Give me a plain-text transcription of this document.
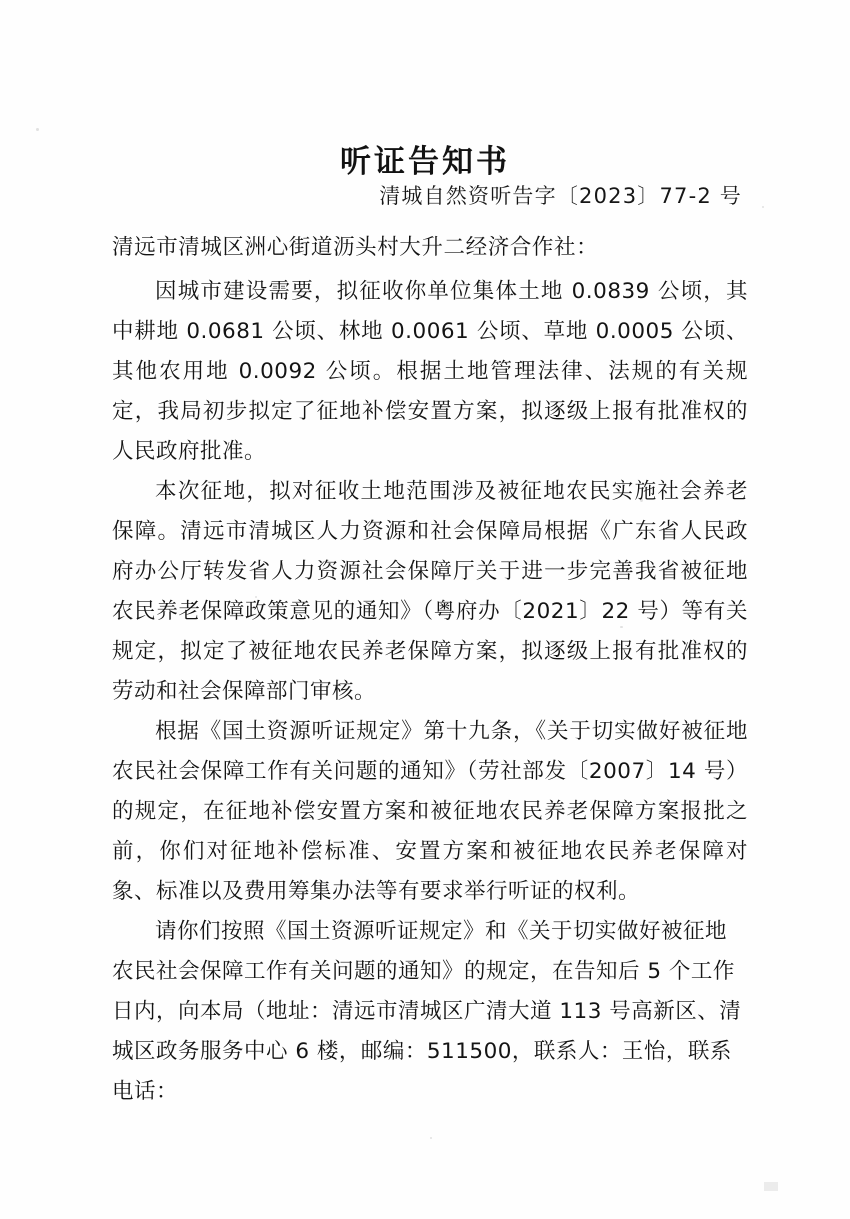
听证告知书
清城自然资听告字〔2023〕77-2 号

清远市清城区洲心街道沥头村大升二经济合作社：

因城市建设需要，拟征收你单位集体土地 0.0839 公顷，其中耕地 0.0681 公顷、林地 0.0061 公顷、草地 0.0005 公顷、其他农用地 0.0092 公顷。根据土地管理法律、法规的有关规定，我局初步拟定了征地补偿安置方案，拟逐级上报有批准权的人民政府批准。

本次征地，拟对征收土地范围涉及被征地农民实施社会养老保障。清远市清城区人力资源和社会保障局根据《广东省人民政府办公厅转发省人力资源社会保障厅关于进一步完善我省被征地农民养老保障政策意见的通知》（粤府办〔2021〕22 号）等有关规定，拟定了被征地农民养老保障方案，拟逐级上报有批准权的劳动和社会保障部门审核。

根据《国土资源听证规定》第十九条，《关于切实做好被征地农民社会保障工作有关问题的通知》（劳社部发〔2007〕14 号）的规定，在征地补偿安置方案和被征地农民养老保障方案报批之前，你们对征地补偿标准、安置方案和被征地农民养老保障对象、标准以及费用筹集办法等有要求举行听证的权利。

请你们按照《国土资源听证规定》和《关于切实做好被征地农民社会保障工作有关问题的通知》的规定，在告知后 5 个工作日内，向本局（地址：清远市清城区广清大道 113 号高新区、清城区政务服务中心 6 楼，邮编：511500，联系人：王怡，联系电话：
